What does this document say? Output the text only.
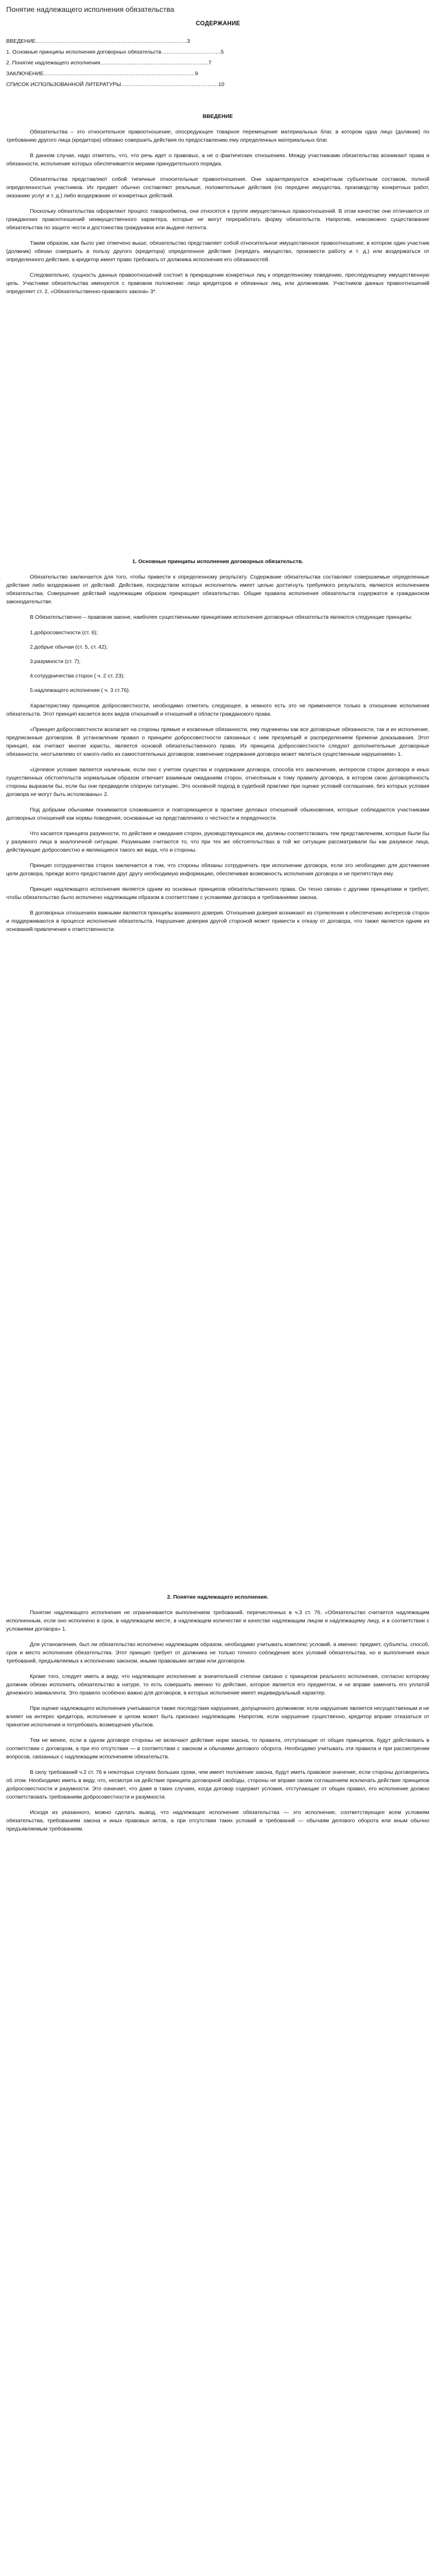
Понятие надлежащего исполнения обязательства
СОДЕРЖАНИЕ
ВВЕДЕНИЕ…………………………………………………………………………3
1. Основные принципы исполнения договорных обязательств……………………………5
2. Понятие надлежащего исполнения……………………………………………………7
ЗАКЛЮЧЕНИЕ…………………………………………………………………………9
СПИСОК ИСПОЛЬЗОВАННОЙ ЛИТЕРАТУРЫ………………………………………………10
ВВЕДЕНИЕ

Обязательства – это относительное правоотношение, опосредующее товарное перемещение материальных благ, в котором одна лицо (должник) по требованию другого лица (кредитора) обязано совершить действия по предоставлению ему определенных материальных благ.

В данном случае, надо отметить, что, что речь идет о правовых, а не о фактических отношениях. Между участниками обязательства возникают права и обязанности, исполнение которых обеспечивается мерами принудительного порядка.

Обязательства представляют собой типичные относительные правоотношения. Они характеризуются конкретным субъектным составом, полной определенностью участников. Их предмет обычно составляют реальные, положительные действия (по передаче имущества, производству конкретных работ, оказанию услуг и т. д.) либо воздержание от конкретных действий.

Поскольку обязательства оформляют процесс товарообмена, они относятся к группе имущественных правоотношений. В этом качестве они отличаются от гражданских правоотношений неимущественного характера, которые не могут переработать форму обязательств. Напротив, невозможно существование обязательства по защите чести и достоинства гражданина или выдаче патента.

Таким образом, как было уже отмечено выше, обязательство представляет собой относительное имущественное правоотношение, в котором один участник (должник) обязан совершить в пользу другого (кредитора) определенное действие (передать имущество, произвести работу и т. д.) или воздержаться от определенного действия, а кредитор имеет право требовать от должника исполнения его обязанностей.

Следовательно, сущность данных правоотношений состоит в прекращении конкретных лиц к определенному поведению, преследующему имущественную цель. Участники обязательства именуются с правовом положении: лицо кредиторов и обязанных лиц, или должниками. Участников данных правоотношений определяет ст. 2, «Обязательственно-правового закона» 3*.

1. Основные принципы исполнения договорных обязательств.

Обязательство заключается для того, чтобы привести к определенному результату. Содержание обязательства составляют совершаемые определенные действия либо воздержание от действий. Действия, посредством которых исполнитель имеет целью достигнуть требуемого результата, являются исполнением обязательства. Совершение действий надлежащим образом прекращает обязательство. Общие правила исполнения обязательств содержатся в гражданском законодательстве.

В Обязательственно – правовом законе, наиболее существенными принципами исполнения договорных обязательств являются следующие принципы:

1.добросовестности (ст. 6);
2.добрые обычаи (ст. 5, ст. 42);
3.разумности (ст. 7);
4.сотрудничества сторон ( ч. 2 ст. 23);
5.надлежащего исполнения ( ч. 3 ст.76).

Характеристику принципов добросовестности, необходимо отметить следующее, в немного есть это не применяется только в отношении исполнения обязательств. Этот принцип касается всех видов отношений и отношений в области гражданского права.

«Принцип добросовестности возлагает на стороны прямые и косвенные обязанности, ему подчинены как все договорные обязанности, так и их исполнение, предписанные договором. В установлении правил о принципе добросовестности связанных с ним презумпций и распределением бремени доказывания. Этот принцип, как считают многие юристы, является основой обязательственного права. Из принципа добросовестности следуют дополнительные договорные обязанности, неотъемлемо от какого-либо из самостоятельных договоров; изменение содержания договора может являться существенным нарушением» 1.

«Целевое условие является наличным, если оно с учетом существа и содержания договора, способа его заключения, интересов сторон договора и иных существенных обстоятельств нормальным образом отвечает взаимным ожиданиям сторон, отнесённым к тому правилу договора, в котором свою договорённость стороны выразили бы, если бы они предвидели спорную ситуацию. Это основной подход в судебной практике при оценке условий соглашения, без которых условия договора не могут быть истолкованы» 2.

Под добрыми обычаями понимаются сложившиеся и повторяющиеся в практике деловых отношений обыкновения, которые соблюдаются участниками договорных отношений как нормы поведения, основанные на представлениях о честности и порядочности.

Что касается принципа разумности, то действия и ожидания сторон, руководствующихся им, должны соответствовать тем представлениям, которые были бы у разумного лица в аналогичной ситуации. Разумными считаются то, что при тех же обстоятельствах в той же ситуации рассматривали бы как разумное лица, действующие добросовестно и являющиеся такого же вида, что и стороны.

Принцип сотрудничества сторон заключается в том, что стороны обязаны сотрудничать при исполнении договора, если это необходимо для достижения цели договора, прежде всего предоставляя друг другу необходимую информацию, обеспечивая возможность исполнения договора и не препятствуя ему.

Принцип надлежащего исполнения является одним из основных принципов обязательственного права. Он тесно связан с другими принципами и требует, чтобы обязательство было исполнено надлежащим образом в соответствии с условиями договора и требованиями закона.

В договорных отношениях важными являются принципы взаимного доверия. Отношения доверия возникают из стремления к обеспечению интересов сторон и поддерживаются в процессе исполнения обязательств. Нарушение доверия другой стороной может привести к отказу от договора, что также является одним из оснований привлечения к ответственности.

2. Понятие надлежащего исполнения.

Понятие надлежащего исполнения не ограничивается выполнением требований, перечисленных в ч.3 ст. 76. «Обязательство считается надлежащим исполненным, если оно исполнено в срок, в надлежащем месте, в надлежащем количестве и качестве надлежащим лицом и надлежащему лицу, и в соответствии с условиями договора» 1.

Для установления, был ли обязательство исполнено надлежащим образом, необходимо учитывать комплекс условий, а именно: предмет, субъекты, способ, срок и место исполнения обязательства. Этот принцип требует от должника не только точного соблюдения всех условий обязательства, но и выполнения иных требований, предъявляемых к исполнению законом, иными правовыми актами или договором.

Кроме того, следует иметь в виду, что надлежащее исполнение в значительной степени связано с принципом реального исполнения, согласно которому должник обязан исполнить обязательство в натуре, то есть совершить именно то действие, которое является его предметом, и не вправе заменять его уплатой денежного эквивалента. Это правило особенно важно для договоров, в которых исполнение имеет индивидуальный характер.

При оценке надлежащего исполнения учитываются также последствия нарушения, допущенного должником: если нарушение является несущественным и не влияет на интерес кредитора, исполнение в целом может быть признано надлежащим. Напротив, если нарушение существенно, кредитор вправе отказаться от принятия исполнения и потребовать возмещения убытков.

Тем не менее, если в одном договоре стороны не включают действие норм закона, то правила, отступающие от общих принципов, будут действовать в соответствии с договором, а при его отсутствии — в соответствии с законом и обычаями делового оборота. Необходимо учитывать эти правила и при рассмотрении вопросов, связанных с надлежащим исполнением обязательств.

В силу требований ч.2 ст. 76 в некоторых случаях больших сроки, чем имеет положение закона, будут иметь правовое значение, если стороны договорились об этом. Необходимо иметь в виду, что, несмотря на действие принципа договорной свободы, стороны не вправе своим соглашением исключать действие принципов добросовестности и разумности. Это означает, что даже в таких случаях, когда договор содержит условия, отступающие от общих правил, его исполнение должно соответствовать требованиям добросовестности и разумности.

Исходя из указанного, можно сделать вывод, что надлежащее исполнение обязательства — это исполнение, соответствующее всем условиям обязательства, требованиям закона и иных правовых актов, а при отсутствии таких условий и требований — обычаям делового оборота или иным обычно предъявляемым требованиям.
